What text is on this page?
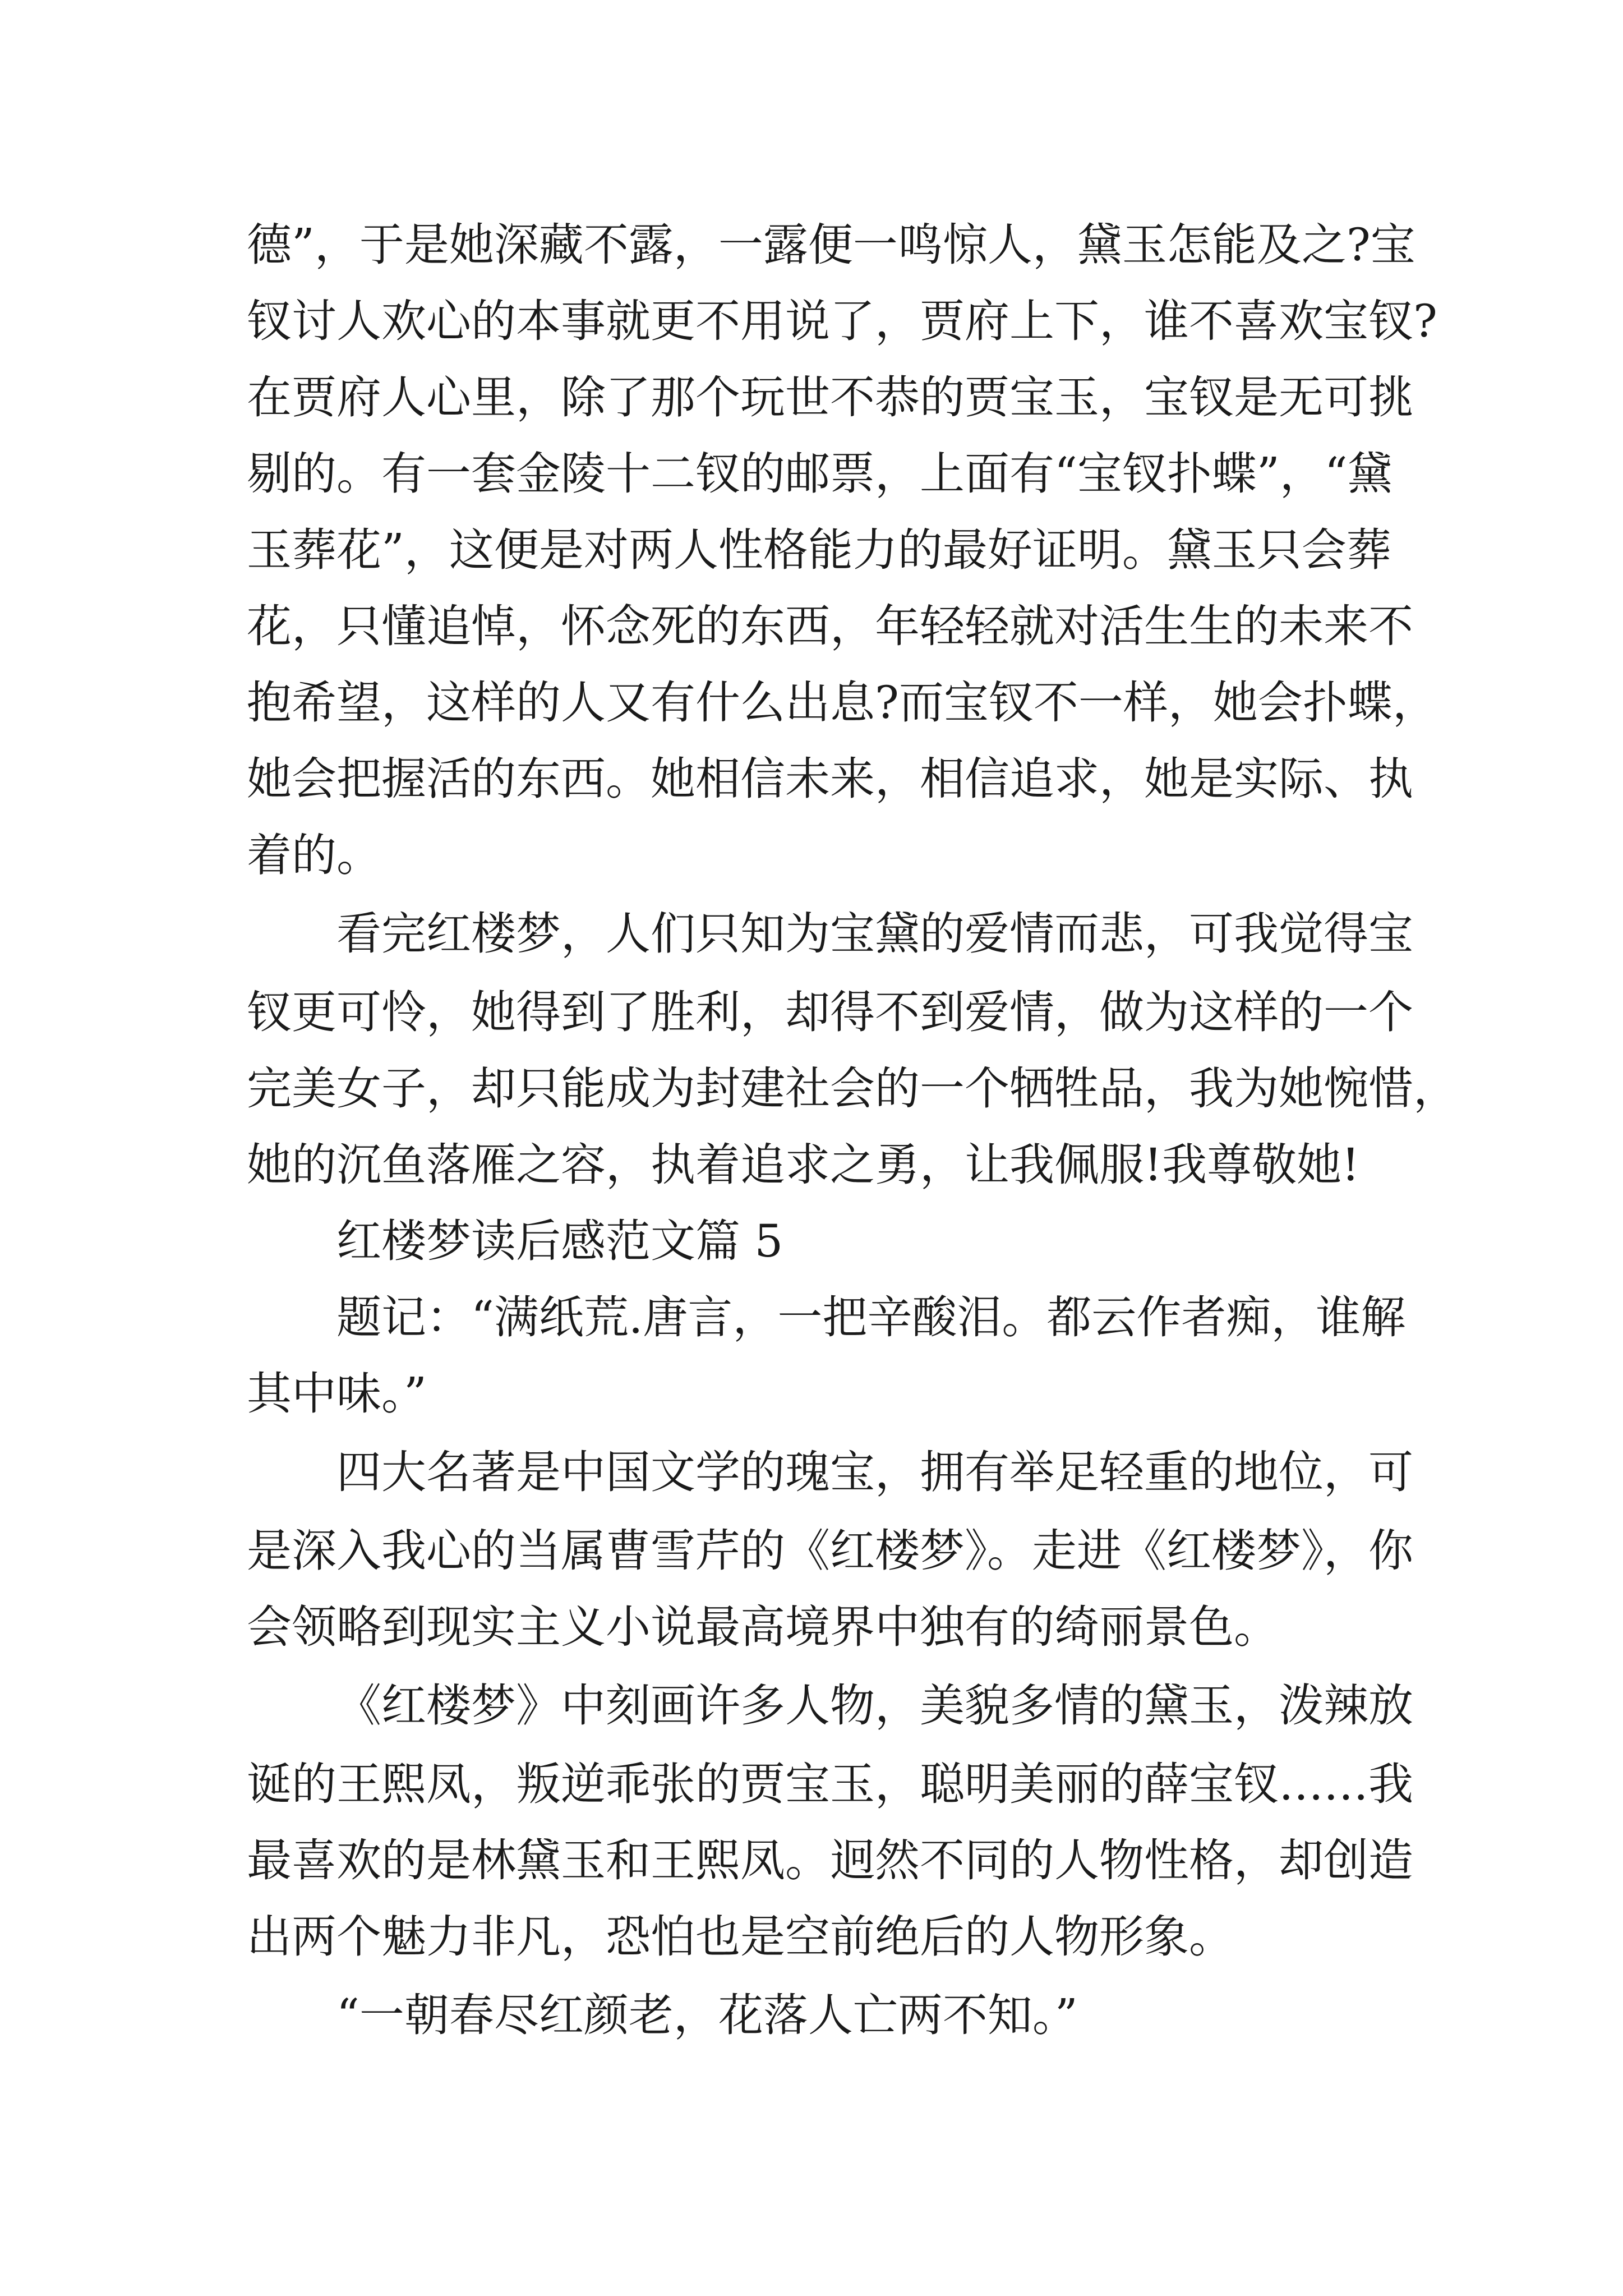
德”，于是她深藏不露，一露便一鸣惊人，黛玉怎能及之?宝
钗讨人欢心的本事就更不用说了，贾府上下，谁不喜欢宝钗?
在贾府人心里，除了那个玩世不恭的贾宝玉，宝钗是无可挑
剔的。有一套金陵十二钗的邮票，上面有“宝钗扑蝶”，“黛
玉葬花”，这便是对两人性格能力的最好证明。黛玉只会葬
花，只懂追悼，怀念死的东西，年轻轻就对活生生的未来不
抱希望，这样的人又有什么出息?而宝钗不一样，她会扑蝶，
她会把握活的东西。她相信未来，相信追求，她是实际、执
着的。
看完红楼梦，人们只知为宝黛的爱情而悲，可我觉得宝
钗更可怜，她得到了胜利，却得不到爱情，做为这样的一个
完美女子，却只能成为封建社会的一个牺牲品，我为她惋惜，
她的沉鱼落雁之容，执着追求之勇，让我佩服!我尊敬她!
红楼梦读后感范文篇 5
题记：“满纸荒.唐言，一把辛酸泪。都云作者痴，谁解
其中味。”
四大名著是中国文学的瑰宝，拥有举足轻重的地位，可
是深入我心的当属曹雪芹的《红楼梦》。走进《红楼梦》，你
会领略到现实主义小说最高境界中独有的绮丽景色。
《红楼梦》中刻画许多人物，美貌多情的黛玉，泼辣放
诞的王熙凤，叛逆乖张的贾宝玉，聪明美丽的薛宝钗……我
最喜欢的是林黛玉和王熙凤。迥然不同的人物性格，却创造
出两个魅力非凡，恐怕也是空前绝后的人物形象。
“一朝春尽红颜老，花落人亡两不知。”
